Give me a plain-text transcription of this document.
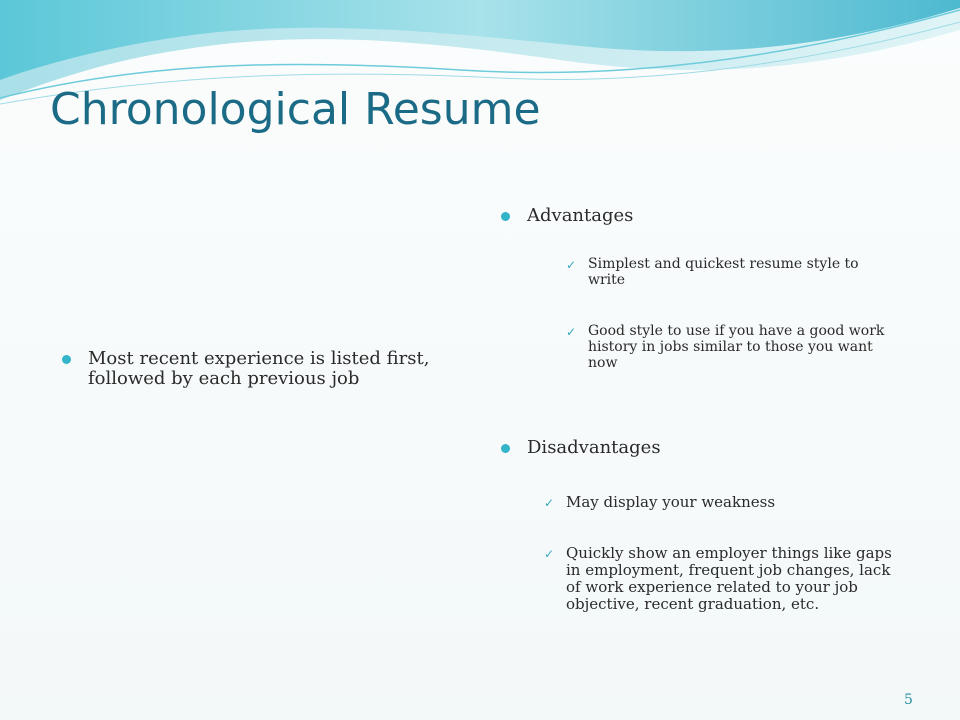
Chronological Resume
Most recent experience is listed first, followed by each previous job
Advantages
✓ Simplest and quickest resume style to write
✓ Good style to use if you have a good work history in jobs similar to those you want now
Disadvantages
✓ May display your weakness
✓ Quickly show an employer things like gaps in employment, frequent job changes, lack of work experience related to your job objective, recent graduation, etc.
5
